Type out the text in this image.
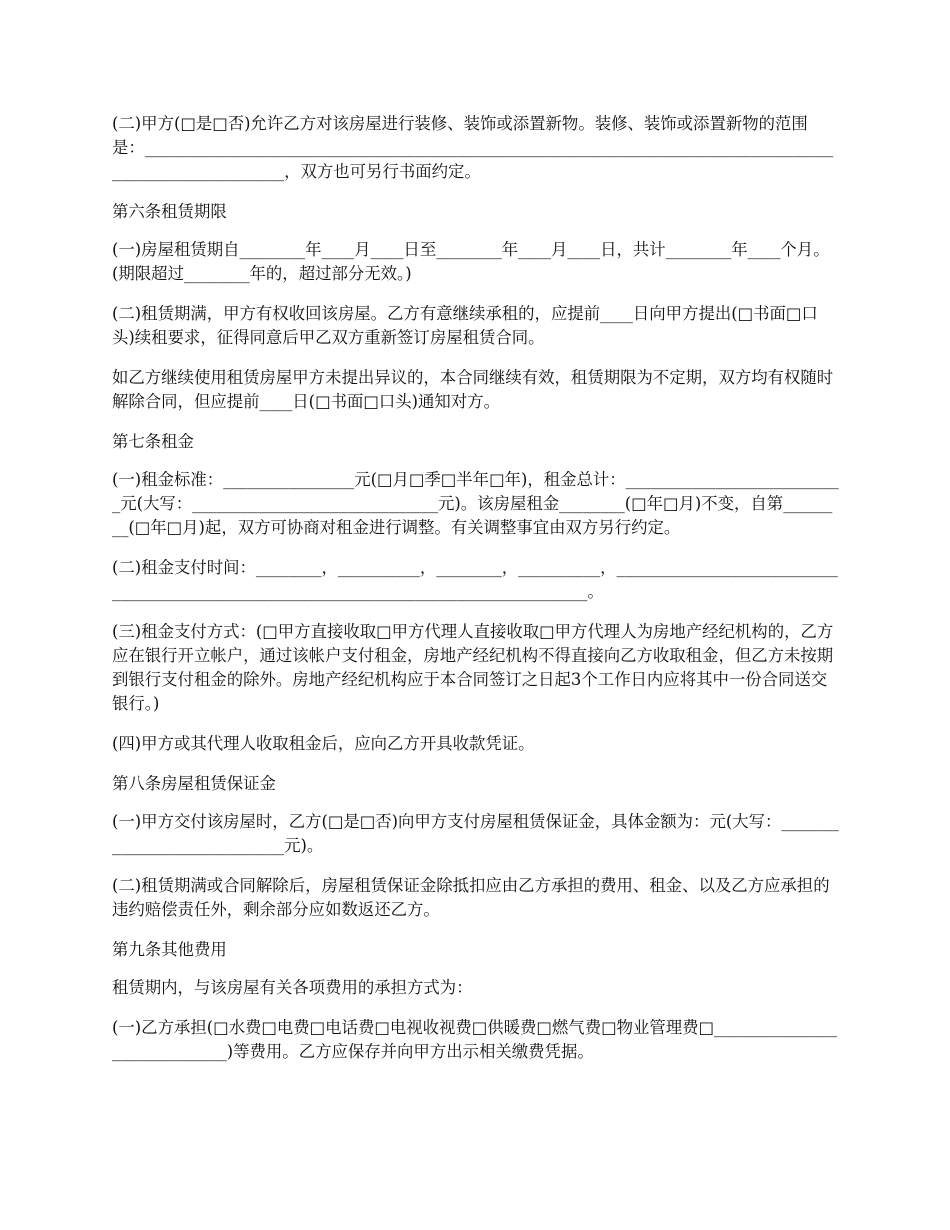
(二)甲方(□是□否)允许乙方对该房屋进行装修、装饰或添置新物。装修、装饰或添置新物的范围是：_________________________________________________________________________________________________________，双方也可另行书面约定。

第六条租赁期限

(一)房屋租赁期自________年____月____日至________年____月____日，共计________年____个月。(期限超过________年的，超过部分无效。)

(二)租赁期满，甲方有权收回该房屋。乙方有意继续承租的，应提前____日向甲方提出(□书面□口头)续租要求，征得同意后甲乙双方重新签订房屋租赁合同。

如乙方继续使用租赁房屋甲方未提出异议的，本合同继续有效，租赁期限为不定期，双方均有权随时解除合同，但应提前____日(□书面□口头)通知对方。

第七条租金

(一)租金标准：________________元(□月□季□半年□年)，租金总计：___________________________元(大写：______________________________元)。该房屋租金________(□年□月)不变，自第________(□年□月)起，双方可协商对租金进行调整。有关调整事宜由双方另行约定。

(二)租金支付时间：________，__________，________，__________，_____________________________________________________________________________________。

(三)租金支付方式：(□甲方直接收取□甲方代理人直接收取□甲方代理人为房地产经纪机构的，乙方应在银行开立帐户，通过该帐户支付租金，房地产经纪机构不得直接向乙方收取租金，但乙方未按期到银行支付租金的除外。房地产经纪机构应于本合同签订之日起3个工作日内应将其中一份合同送交银行。)

(四)甲方或其代理人收取租金后，应向乙方开具收款凭证。

第八条房屋租赁保证金

(一)甲方交付该房屋时，乙方(□是□否)向甲方支付房屋租赁保证金，具体金额为：元(大写：____________________________元)。

(二)租赁期满或合同解除后，房屋租赁保证金除抵扣应由乙方承担的费用、租金、以及乙方应承担的违约赔偿责任外，剩余部分应如数返还乙方。

第九条其他费用

租赁期内，与该房屋有关各项费用的承担方式为：

(一)乙方承担(□水费□电费□电话费□电视收视费□供暖费□燃气费□物业管理费□_____________________________)等费用。乙方应保存并向甲方出示相关缴费凭据。
